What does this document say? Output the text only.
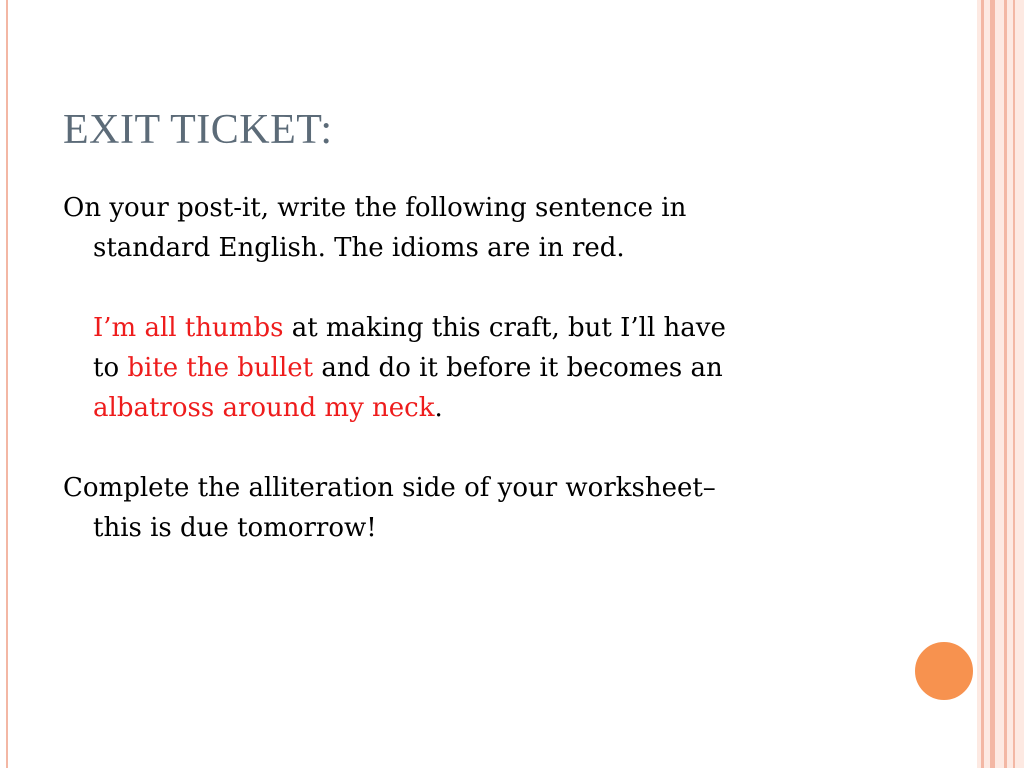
EXIT TICKET:

On your post-it, write the following sentence in
standard English. The idioms are in red.

I’m all thumbs at making this craft, but I’ll have
to bite the bullet and do it before it becomes an
albatross around my neck.

Complete the alliteration side of your worksheet–
this is due tomorrow!
